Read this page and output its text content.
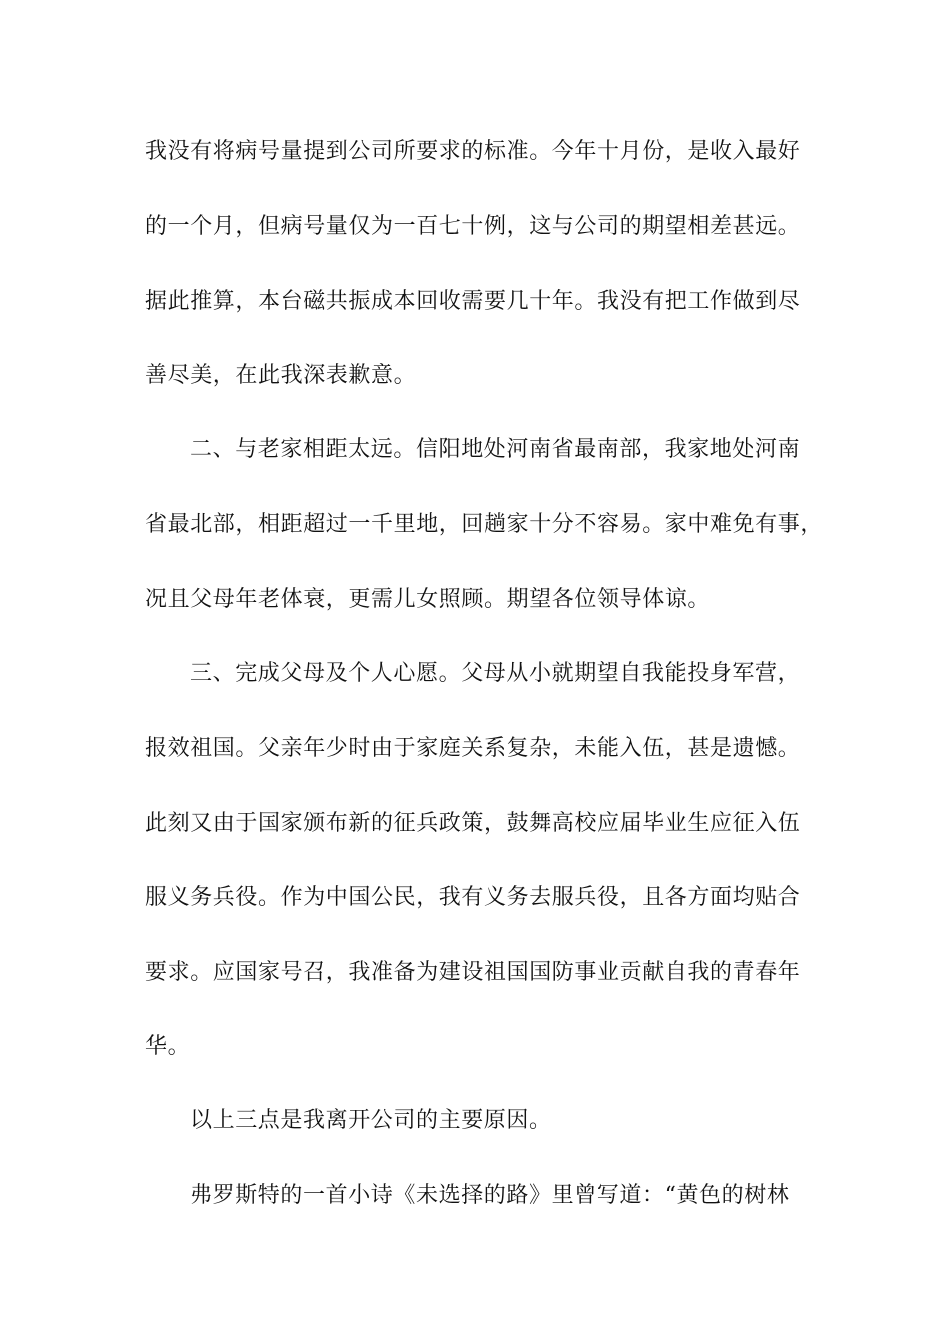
我没有将病号量提到公司所要求的标准。今年十月份，是收入最好
的一个月，但病号量仅为一百七十例，这与公司的期望相差甚远。
据此推算，本台磁共振成本回收需要几十年。我没有把工作做到尽
善尽美，在此我深表歉意。
二、与老家相距太远。信阳地处河南省最南部，我家地处河南
省最北部，相距超过一千里地，回趟家十分不容易。家中难免有事，
况且父母年老体衰，更需儿女照顾。期望各位领导体谅。
三、完成父母及个人心愿。父母从小就期望自我能投身军营，
报效祖国。父亲年少时由于家庭关系复杂，未能入伍，甚是遗憾。
此刻又由于国家颁布新的征兵政策，鼓舞高校应届毕业生应征入伍
服义务兵役。作为中国公民，我有义务去服兵役，且各方面均贴合
要求。应国家号召，我准备为建设祖国国防事业贡献自我的青春年
华。
以上三点是我离开公司的主要原因。
弗罗斯特的一首小诗《未选择的路》里曾写道：“黄色的树林
